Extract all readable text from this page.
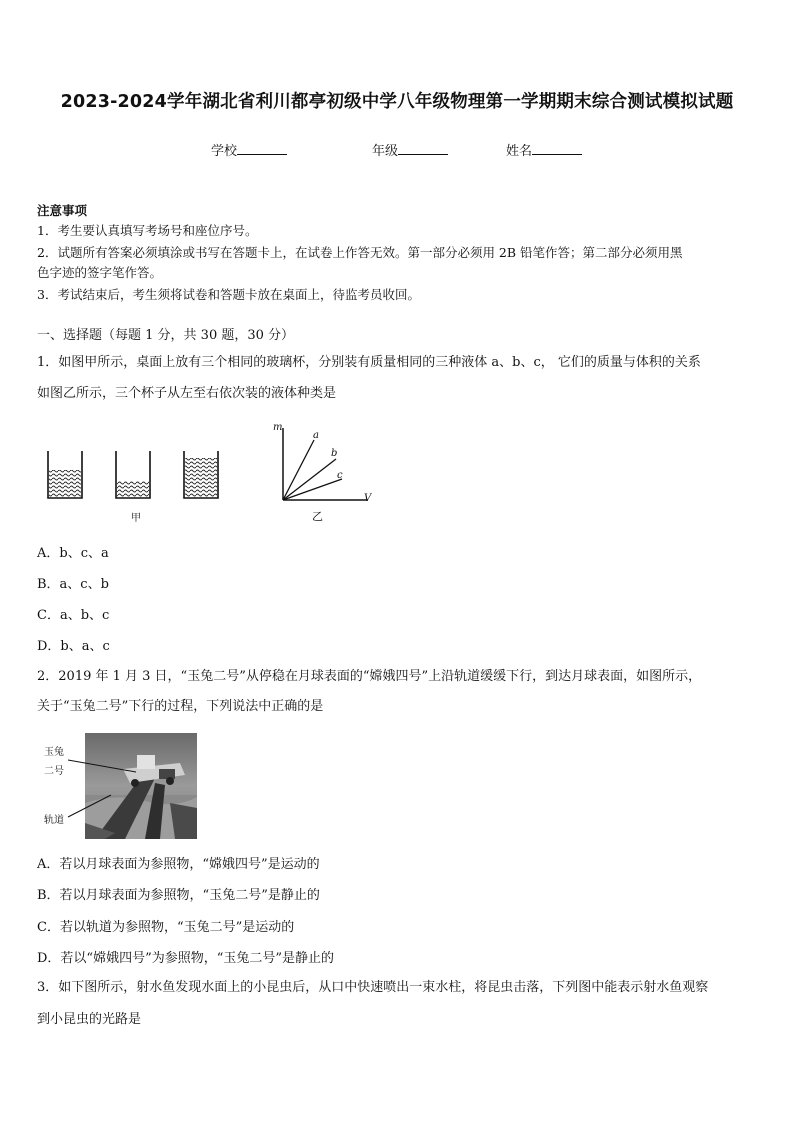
2023-2024学年湖北省利川都亭初级中学八年级物理第一学期期末综合测试模拟试题
学校	年级	姓名
注意事项
1．考生要认真填写考场号和座位序号。
2．试题所有答案必须填涂或书写在答题卡上，在试卷上作答无效。第一部分必须用 2B 铅笔作答；第二部分必须用黑
色字迹的签字笔作答。
3．考试结束后，考生须将试卷和答题卡放在桌面上，待监考员收回。
一、选择题（每题 1 分，共 30 题，30 分）
1．如图甲所示，桌面上放有三个相同的玻璃杯，分别装有质量相同的三种液体 a、b、c， 它们的质量与体积的关系
如图乙所示，三个杯子从左至右依次装的液体种类是
甲
m
V
a
b
c
乙
A．b、c、a
B．a、c、b
C．a、b、c
D．b、a、c
2．2019 年 1 月 3 日，“玉兔二号”从停稳在月球表面的“嫦娥四号”上沿轨道缓缓下行，到达月球表面，如图所示，
关于“玉兔二号”下行的过程，下列说法中正确的是
玉兔
二号
轨道
A．若以月球表面为参照物，“嫦娥四号”是运动的
B．若以月球表面为参照物，“玉兔二号”是静止的
C．若以轨道为参照物，“玉兔二号”是运动的
D．若以“嫦娥四号”为参照物，“玉兔二号”是静止的
3．如下图所示，射水鱼发现水面上的小昆虫后，从口中快速喷出一束水柱，将昆虫击落，下列图中能表示射水鱼观察
到小昆虫的光路是
